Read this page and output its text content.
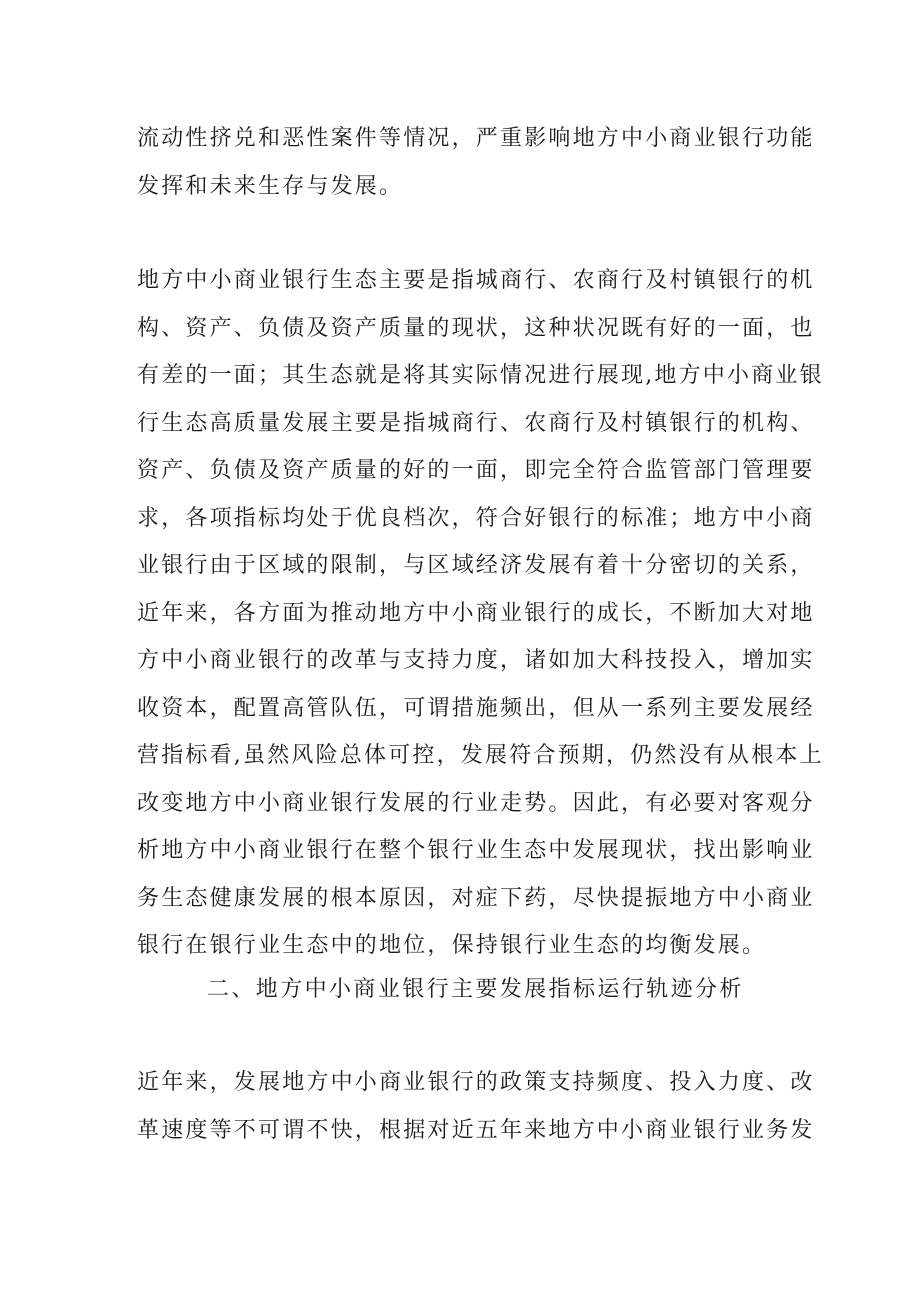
流动性挤兑和恶性案件等情况，严重影响地方中小商业银行功能
发挥和未来生存与发展。
地方中小商业银行生态主要是指城商行、农商行及村镇银行的机
构、资产、负债及资产质量的现状，这种状况既有好的一面，也
有差的一面；其生态就是将其实际情况进行展现,地方中小商业银
行生态高质量发展主要是指城商行、农商行及村镇银行的机构、
资产、负债及资产质量的好的一面，即完全符合监管部门管理要
求，各项指标均处于优良档次，符合好银行的标准；地方中小商
业银行由于区域的限制，与区域经济发展有着十分密切的关系，
近年来，各方面为推动地方中小商业银行的成长，不断加大对地
方中小商业银行的改革与支持力度，诸如加大科技投入，增加实
收资本，配置高管队伍，可谓措施频出，但从一系列主要发展经
营指标看,虽然风险总体可控，发展符合预期，仍然没有从根本上
改变地方中小商业银行发展的行业走势。因此，有必要对客观分
析地方中小商业银行在整个银行业生态中发展现状，找出影响业
务生态健康发展的根本原因，对症下药，尽快提振地方中小商业
银行在银行业生态中的地位，保持银行业生态的均衡发展。
二、地方中小商业银行主要发展指标运行轨迹分析
近年来，发展地方中小商业银行的政策支持频度、投入力度、改
革速度等不可谓不快，根据对近五年来地方中小商业银行业务发
